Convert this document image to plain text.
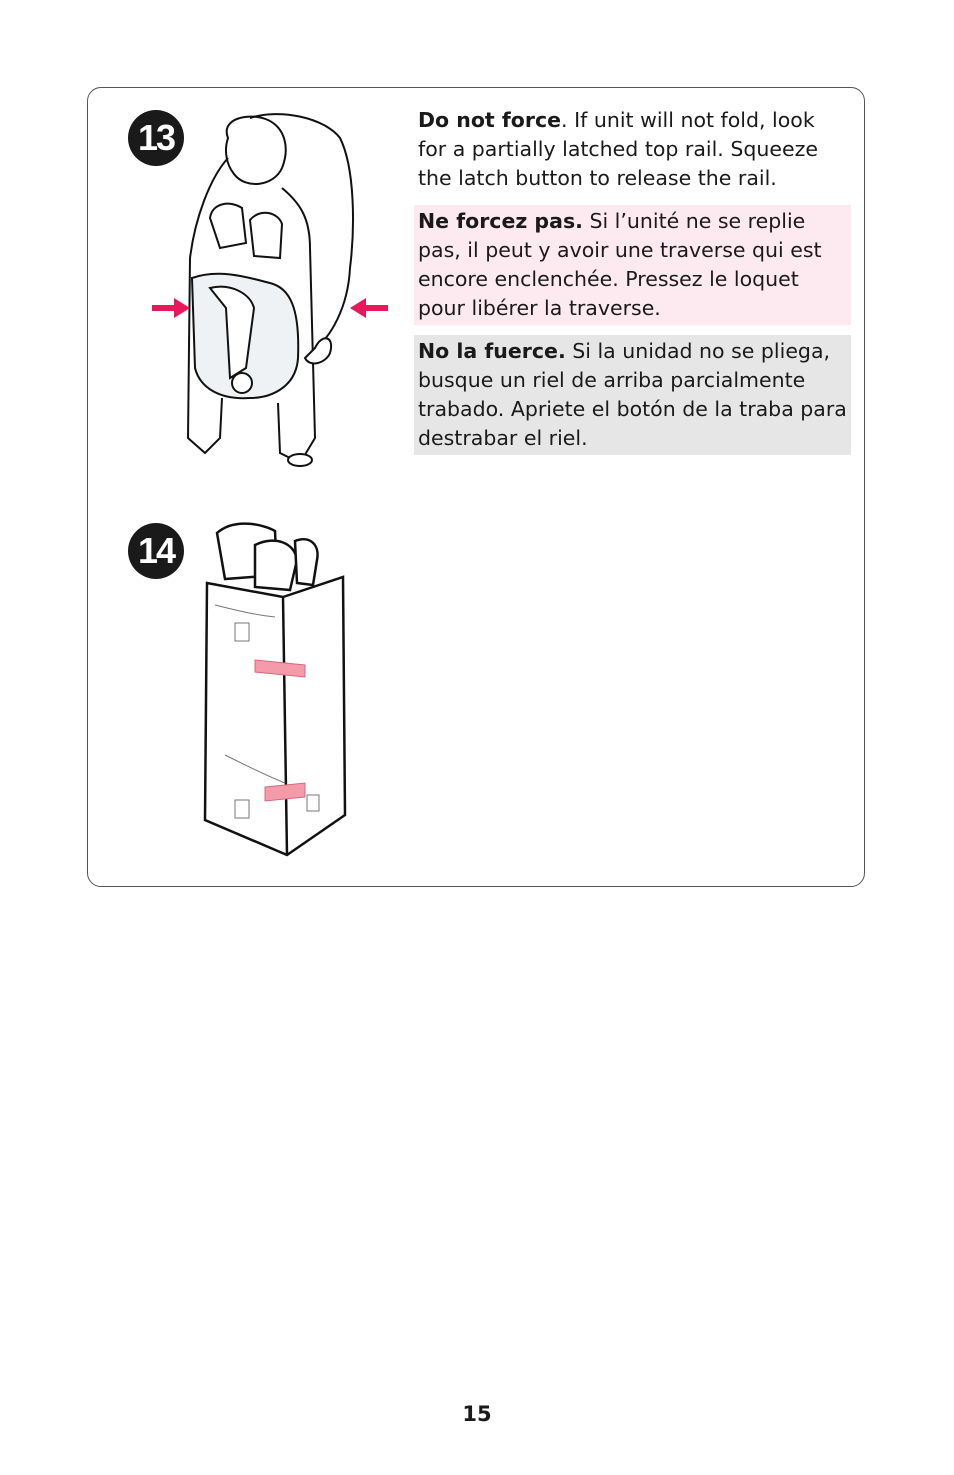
13
14
Do not force. If unit will not fold, look for a partially latched top rail. Squeeze the latch button to release the rail.
Ne forcez pas. Si l’unité ne se replie pas, il peut y avoir une traverse qui est encore enclenchée. Pressez le loquet pour libérer la traverse.
No la fuerce. Si la unidad no se pliega, busque un riel de arriba parcialmente trabado. Apriete el botón de la traba para destrabar el riel.
15
